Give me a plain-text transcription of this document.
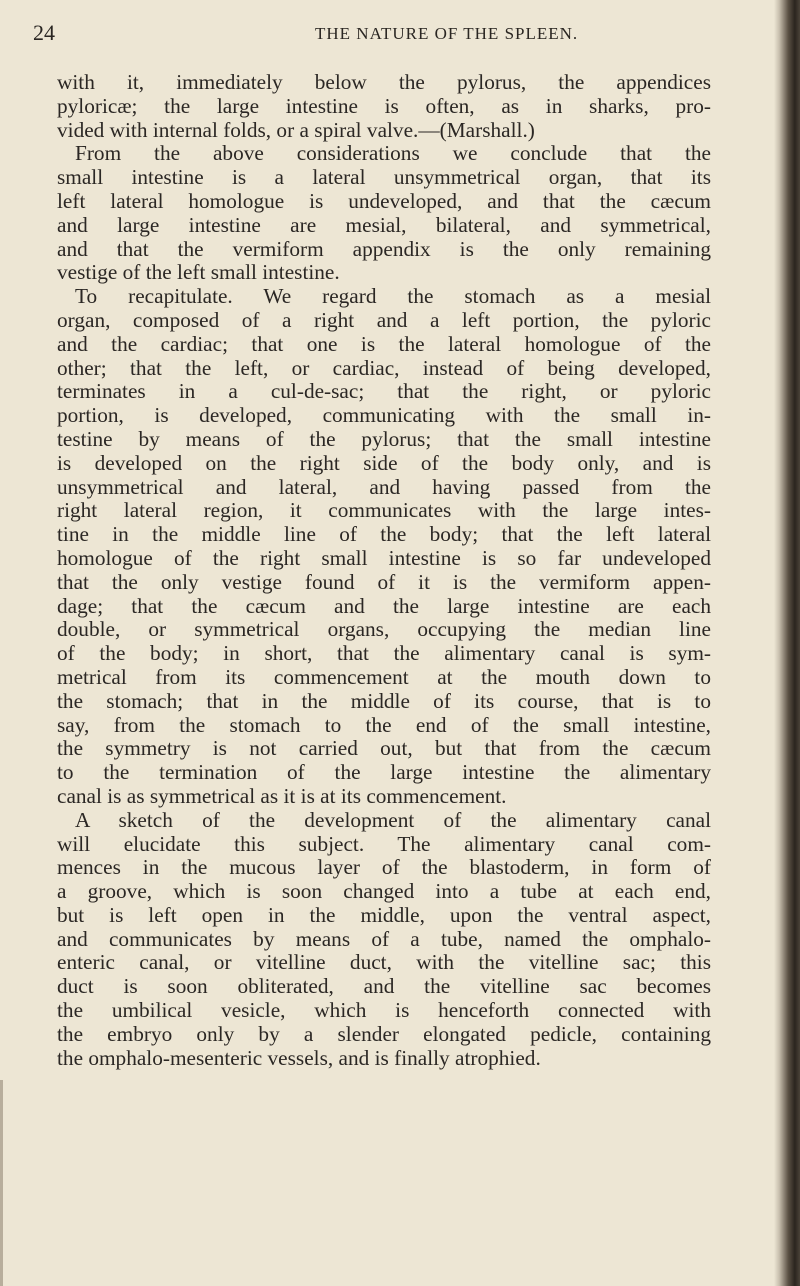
24	THE NATURE OF THE SPLEEN.
with it, immediately below the pylorus, the appendices
pyloricæ; the large intestine is often, as in sharks, pro-
vided with internal folds, or a spiral valve.—(Marshall.)
From the above considerations we conclude that the
small intestine is a lateral unsymmetrical organ, that its
left lateral homologue is undeveloped, and that the cæcum
and large intestine are mesial, bilateral, and symmetrical,
and that the vermiform appendix is the only remaining
vestige of the left small intestine.
To recapitulate. We regard the stomach as a mesial
organ, composed of a right and a left portion, the pyloric
and the cardiac; that one is the lateral homologue of the
other; that the left, or cardiac, instead of being developed,
terminates in a cul-de-sac; that the right, or pyloric
portion, is developed, communicating with the small in-
testine by means of the pylorus; that the small intestine
is developed on the right side of the body only, and is
unsymmetrical and lateral, and having passed from the
right lateral region, it communicates with the large intes-
tine in the middle line of the body; that the left lateral
homologue of the right small intestine is so far undeveloped
that the only vestige found of it is the vermiform appen-
dage; that the cæcum and the large intestine are each
double, or symmetrical organs, occupying the median line
of the body; in short, that the alimentary canal is sym-
metrical from its commencement at the mouth down to
the stomach; that in the middle of its course, that is to
say, from the stomach to the end of the small intestine,
the symmetry is not carried out, but that from the cæcum
to the termination of the large intestine the alimentary
canal is as symmetrical as it is at its commencement.
A sketch of the development of the alimentary canal
will elucidate this subject. The alimentary canal com-
mences in the mucous layer of the blastoderm, in form of
a groove, which is soon changed into a tube at each end,
but is left open in the middle, upon the ventral aspect,
and communicates by means of a tube, named the omphalo-
enteric canal, or vitelline duct, with the vitelline sac; this
duct is soon obliterated, and the vitelline sac becomes
the umbilical vesicle, which is henceforth connected with
the embryo only by a slender elongated pedicle, containing
the omphalo-mesenteric vessels, and is finally atrophied.
